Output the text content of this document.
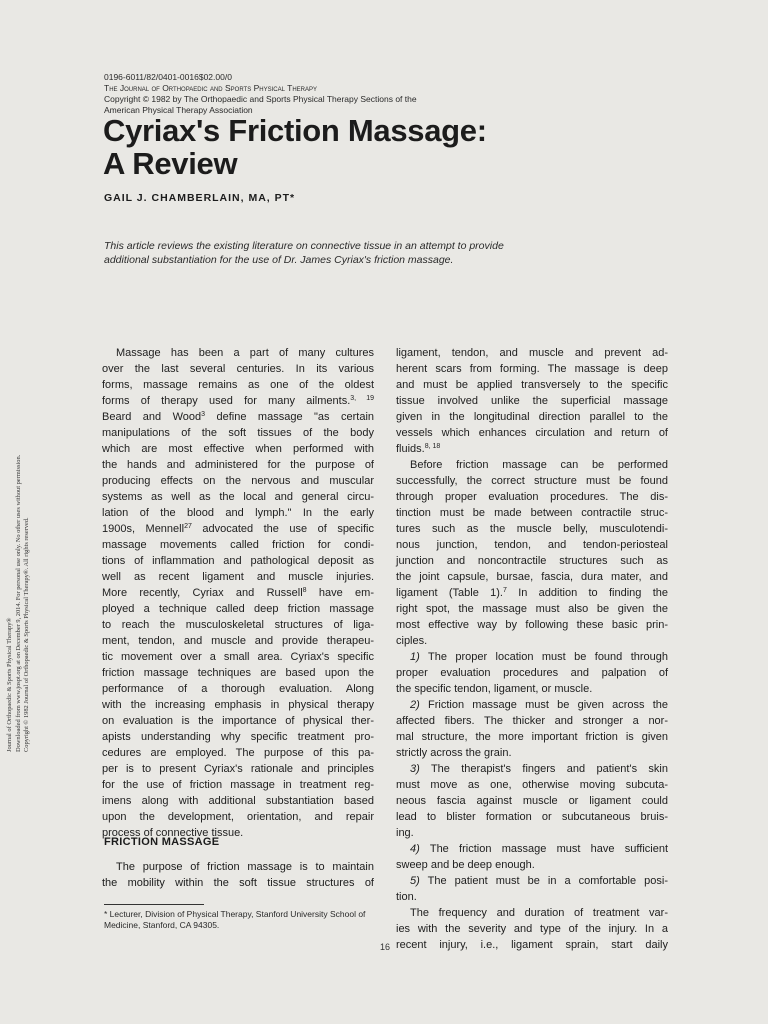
0196-6011/82/0401-0016$02.00/0
The Journal of Orthopaedic and Sports Physical Therapy
Copyright © 1982 by The Orthopaedic and Sports Physical Therapy Sections of the
American Physical Therapy Association
Cyriax's Friction Massage:
A Review
GAIL J. CHAMBERLAIN, MA, PT*
This article reviews the existing literature on connective tissue in an attempt to provide additional substantiation for the use of Dr. James Cyriax's friction massage.
Journal of Orthopaedic & Sports Physical Therapy® Downloaded from www.jospt.org at on December 9, 2014. For personal use only. No other uses without permission. Copyright © 1982 Journal of Orthopaedic & Sports Physical Therapy®. All rights reserved.
Massage has been a part of many cultures
over the last several centuries. In its various
forms, massage remains as one of the oldest
forms of therapy used for many ailments.$^{3, 19}$
Beard and Wood$^3$ define massage "as certain
manipulations of the soft tissues of the body
which are most effective when performed with
the hands and administered for the purpose of
producing effects on the nervous and muscular
systems as well as the local and general circu-
lation of the blood and lymph." In the early
1900s, Mennell$^{27}$ advocated the use of specific
massage movements called friction for condi-
tions of inflammation and pathological deposit as
well as recent ligament and muscle injuries.
More recently, Cyriax and Russell$^8$ have em-
ployed a technique called deep friction massage
to reach the musculoskeletal structures of liga-
ment, tendon, and muscle and provide therapeu-
tic movement over a small area. Cyriax's specific
friction massage techniques are based upon the
performance of a thorough evaluation. Along
with the increasing emphasis in physical therapy
on evaluation is the importance of physical ther-
apists understanding why specific treatment pro-
cedures are employed. The purpose of this pa-
per is to present Cyriax's rationale and principles
for the use of friction massage in treatment reg-
imens along with additional substantiation based
upon the development, orientation, and repair
process of connective tissue.
FRICTION MASSAGE
The purpose of friction massage is to maintain
the mobility within the soft tissue structures of
* Lecturer, Division of Physical Therapy, Stanford University School of Medicine, Stanford, CA 94305.
ligament, tendon, and muscle and prevent ad-
herent scars from forming. The massage is deep
and must be applied transversely to the specific
tissue involved unlike the superficial massage
given in the longitudinal direction parallel to the
vessels which enhances circulation and return of
fluids.$^{8, 18}$
Before friction massage can be performed
successfully, the correct structure must be found
through proper evaluation procedures. The dis-
tinction must be made between contractile struc-
tures such as the muscle belly, musculotendi-
nous junction, tendon, and tendon-periosteal
junction and noncontractile structures such as
the joint capsule, bursae, fascia, dura mater, and
ligament (Table 1).$^7$ In addition to finding the
right spot, the massage must also be given the
most effective way by following these basic prin-
ciples.
1) The proper location must be found through
proper evaluation procedures and palpation of
the specific tendon, ligament, or muscle.
2) Friction massage must be given across the
affected fibers. The thicker and stronger a nor-
mal structure, the more important friction is given
strictly across the grain.
3) The therapist's fingers and patient's skin
must move as one, otherwise moving subcuta-
neous fascia against muscle or ligament could
lead to blister formation or subcutaneous bruis-
ing.
4) The friction massage must have sufficient
sweep and be deep enough.
5) The patient must be in a comfortable posi-
tion.
The frequency and duration of treatment var-
ies with the severity and type of the injury. In a
recent injury, i.e., ligament sprain, start daily
16
